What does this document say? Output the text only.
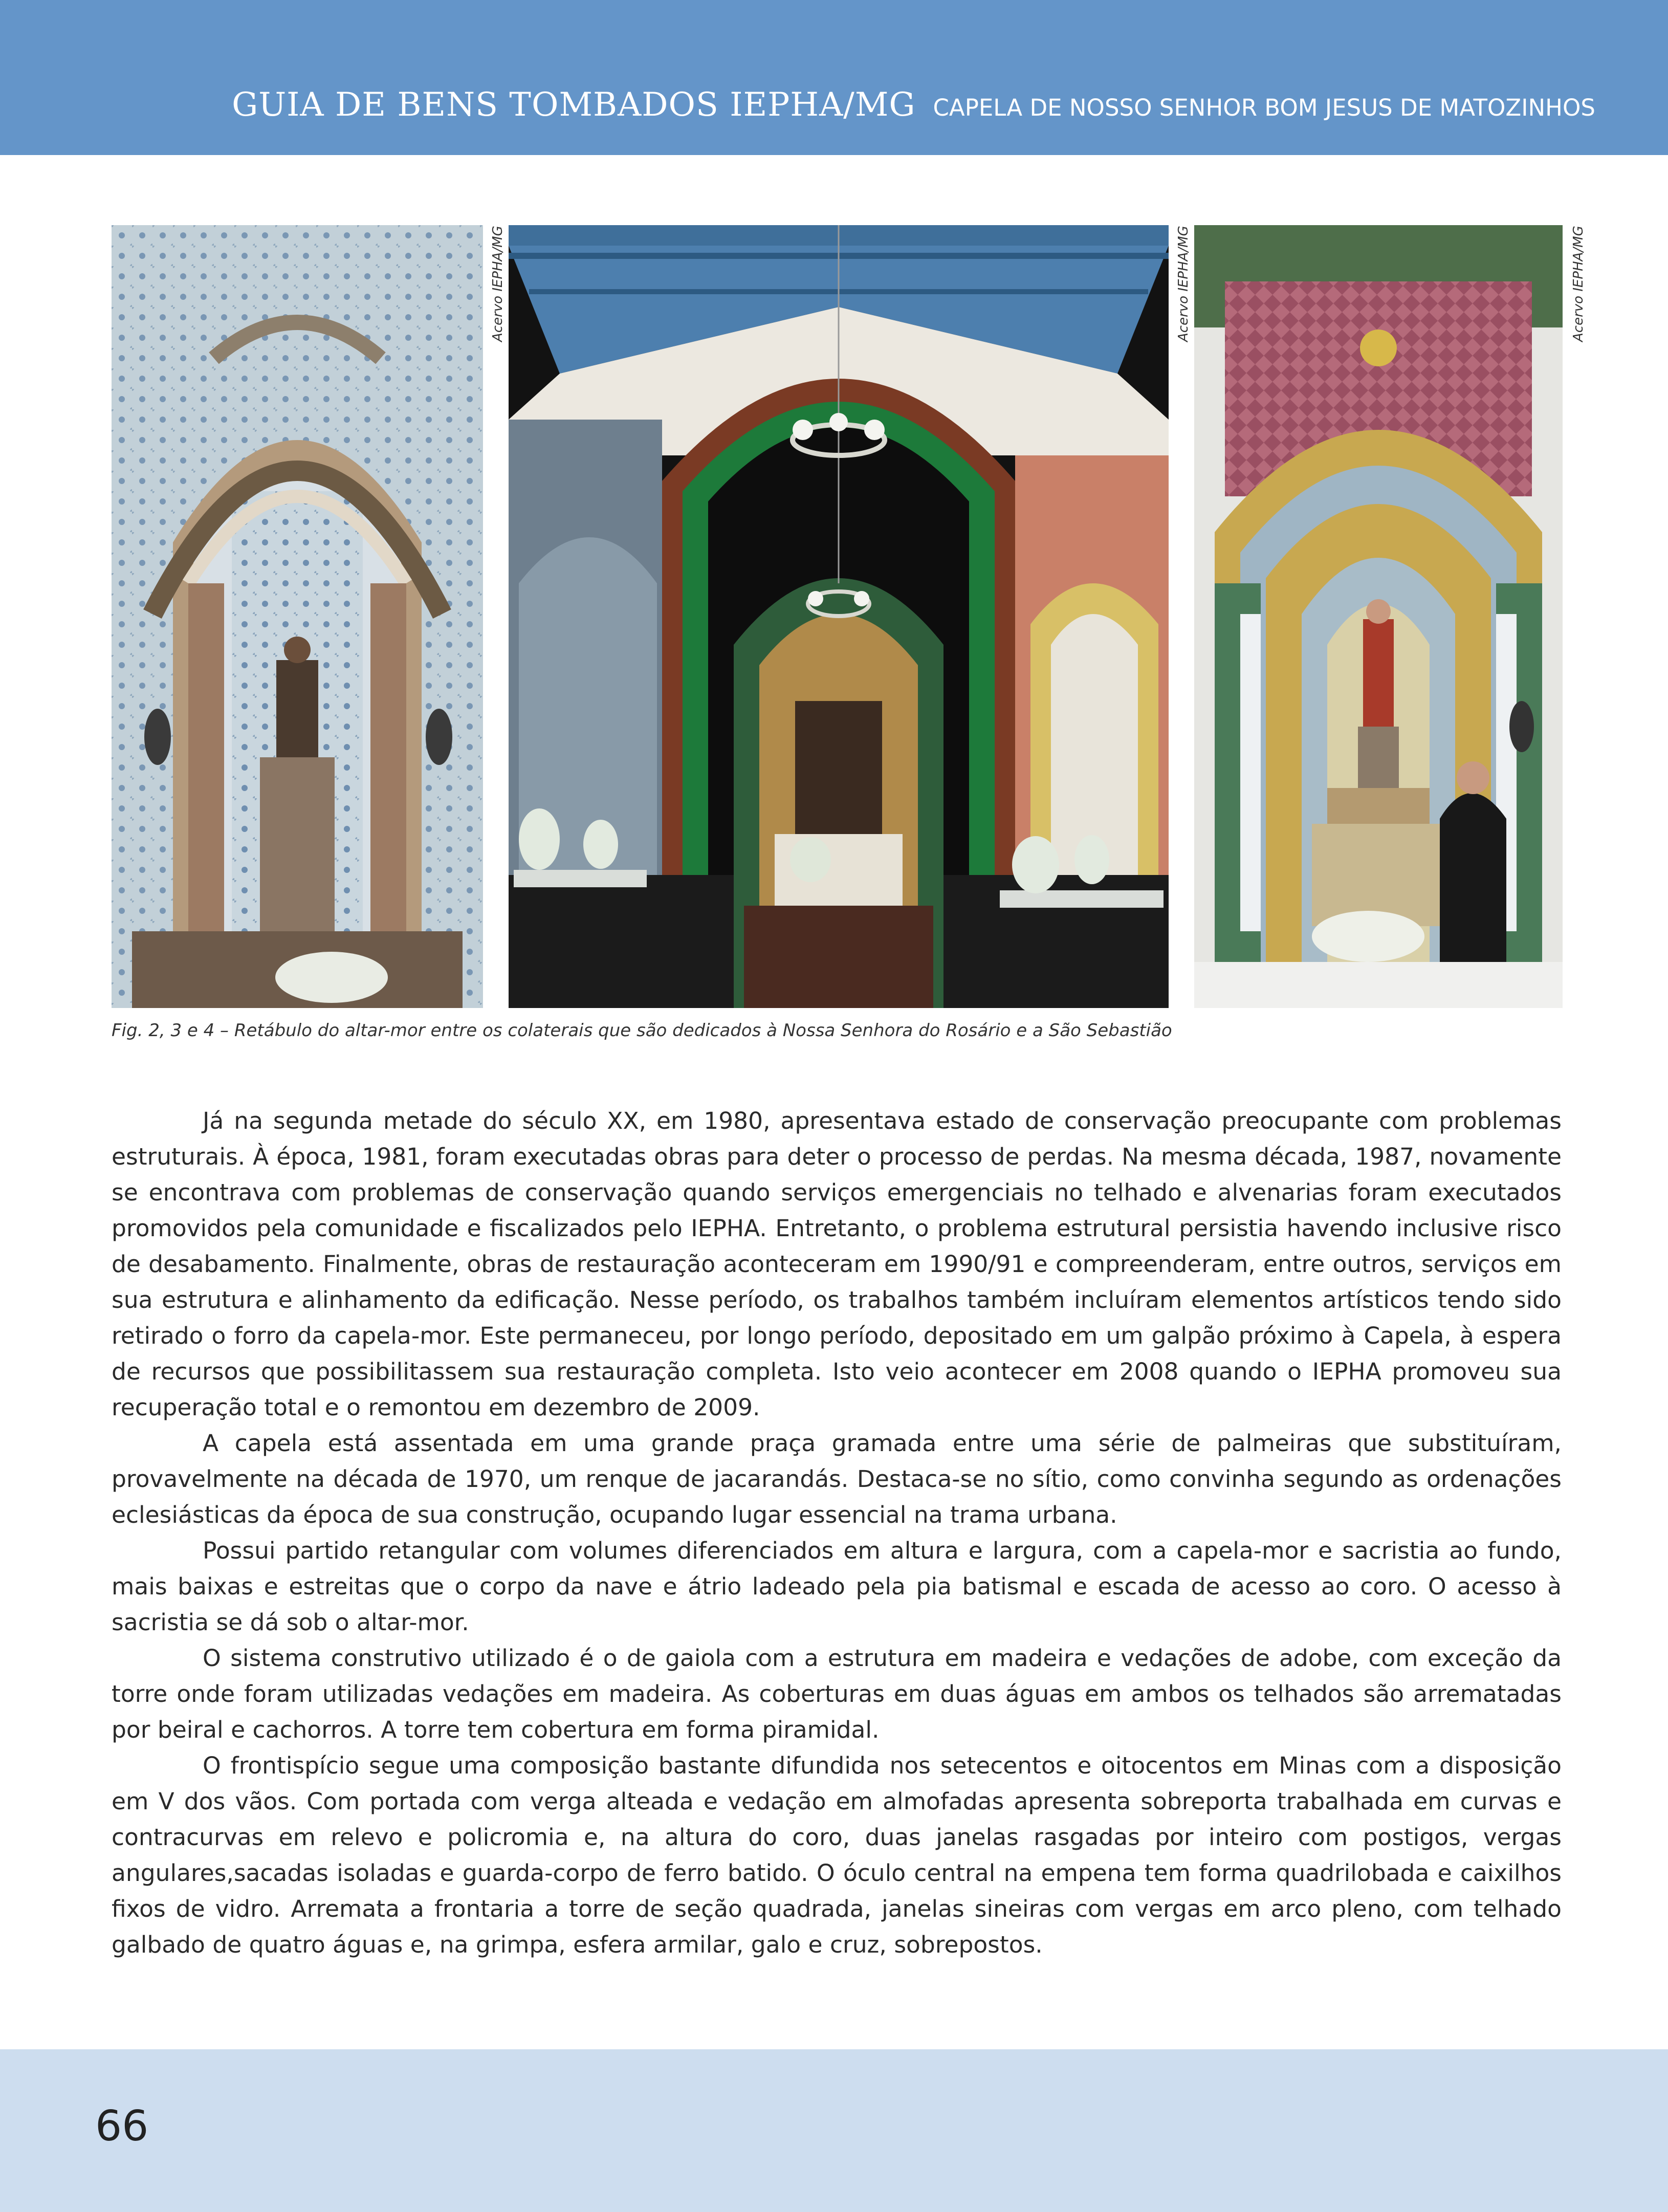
GUIA DE BENS TOMBADOS IEPHA/MG CAPELA DE NOSSO SENHOR BOM JESUS DE MATOZINHOS
Acervo IEPHA/MG	Acervo IEPHA/MG	Acervo IEPHA/MG
Fig. 2, 3 e 4 – Retábulo do altar-mor entre os colaterais que são dedicados à Nossa Senhora do Rosário e a São Sebastião

Já na segunda metade do século XX, em 1980, apresentava estado de conservação preocupante com problemas estruturais. À época, 1981, foram executadas obras para deter o processo de perdas. Na mesma década, 1987, novamente se encontrava com problemas de conservação quando serviços emergenciais no telhado e alvenarias foram executados promovidos pela comunidade e fiscalizados pelo IEPHA. Entretanto, o problema estrutural persistia havendo inclusive risco de desabamento. Finalmente, obras de restauração aconteceram em 1990/91 e compreenderam, entre outros, serviços em sua estrutura e alinhamento da edificação. Nesse período, os trabalhos também incluíram elementos artísticos tendo sido retirado o forro da capela-mor. Este permaneceu, por longo período, depositado em um galpão próximo à Capela, à espera de recursos que possibilitassem sua restauração completa. Isto veio acontecer em 2008 quando o IEPHA promoveu sua recuperação total e o remontou em dezembro de 2009.

A capela está assentada em uma grande praça gramada entre uma série de palmeiras que substituíram, provavelmente na década de 1970, um renque de jacarandás. Destaca-se no sítio, como convinha segundo as ordenações eclesiásticas da época de sua construção, ocupando lugar essencial na trama urbana.

Possui partido retangular com volumes diferenciados em altura e largura, com a capela-mor e sacristia ao fundo, mais baixas e estreitas que o corpo da nave e átrio ladeado pela pia batismal e escada de acesso ao coro. O acesso à sacristia se dá sob o altar-mor.

O sistema construtivo utilizado é o de gaiola com a estrutura em madeira e vedações de adobe, com exceção da torre onde foram utilizadas vedações em madeira. As coberturas em duas águas em ambos os telhados são arrematadas por beiral e cachorros. A torre tem cobertura em forma piramidal.

O frontispício segue uma composição bastante difundida nos setecentos e oitocentos em Minas com a disposição em V dos vãos. Com portada com verga alteada e vedação em almofadas apresenta sobreporta trabalhada em curvas e contracurvas em relevo e policromia e, na altura do coro, duas janelas rasgadas por inteiro com postigos, vergas angulares,sacadas isoladas e guarda-corpo de ferro batido. O óculo central na empena tem forma quadrilobada e caixilhos fixos de vidro. Arremata a frontaria a torre de seção quadrada, janelas sineiras com vergas em arco pleno, com telhado galbado de quatro águas e, na grimpa, esfera armilar, galo e cruz, sobrepostos.

66
